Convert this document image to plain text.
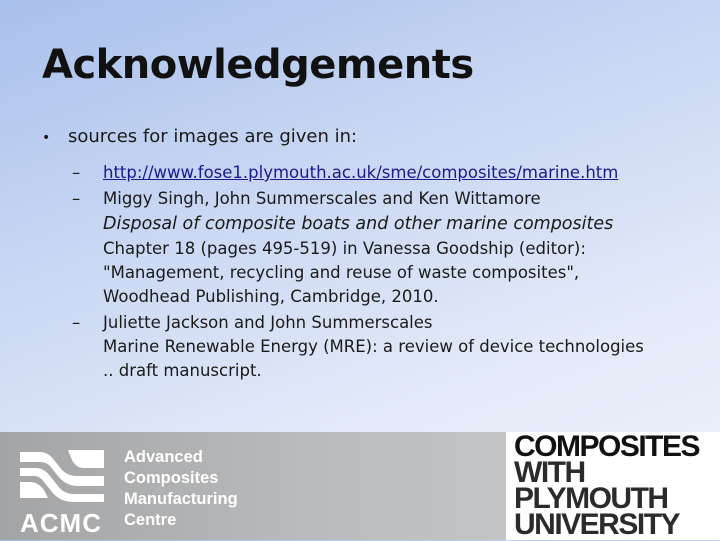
Acknowledgements
• sources for images are given in:
– http://www.fose1.plymouth.ac.uk/sme/composites/marine.htm
– Miggy Singh, John Summerscales and Ken Wittamore
Disposal of composite boats and other marine composites
Chapter 18 (pages 495-519) in Vanessa Goodship (editor):
"Management, recycling and reuse of waste composites",
Woodhead Publishing, Cambridge, 2010.
– Juliette Jackson and John Summerscales
Marine Renewable Energy (MRE): a review of device technologies
.. draft manuscript.
ACMC
Advanced
Composites
Manufacturing
Centre
COMPOSITES
WITH
PLYMOUTH
UNIVERSITY
